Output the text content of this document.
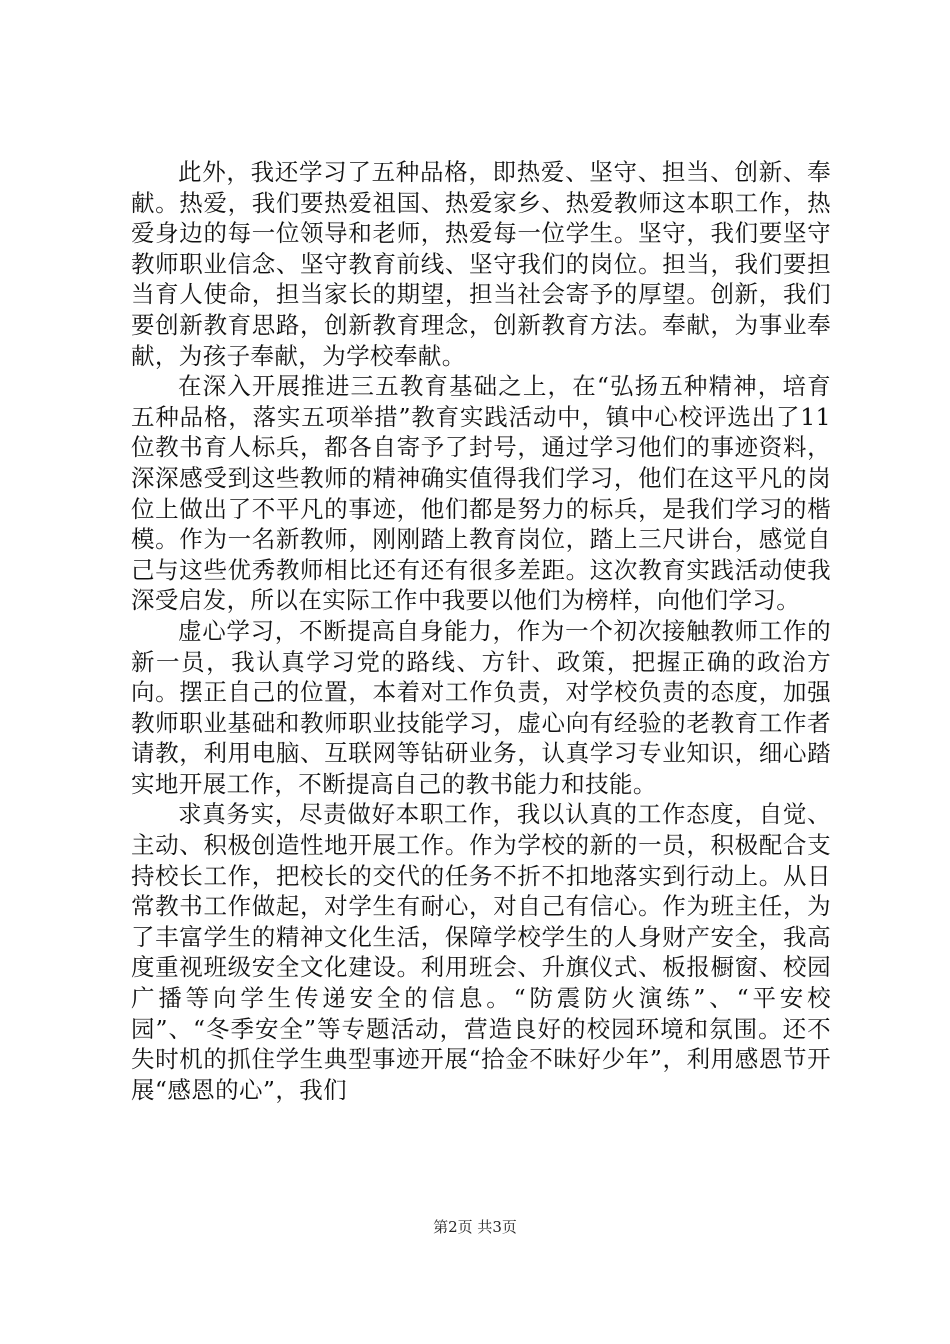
此外，我还学习了五种品格，即热爱、坚守、担当、创新、奉献。热爱，我们要热爱祖国、热爱家乡、热爱教师这本职工作，热爱身边的每一位领导和老师，热爱每一位学生。坚守，我们要坚守教师职业信念、坚守教育前线、坚守我们的岗位。担当，我们要担当育人使命，担当家长的期望，担当社会寄予的厚望。创新，我们要创新教育思路，创新教育理念，创新教育方法。奉献，为事业奉献，为孩子奉献，为学校奉献。

在深入开展推进三五教育基础之上，在“弘扬五种精神，培育五种品格，落实五项举措”教育实践活动中，镇中心校评选出了11位教书育人标兵，都各自寄予了封号，通过学习他们的事迹资料，深深感受到这些教师的精神确实值得我们学习，他们在这平凡的岗位上做出了不平凡的事迹，他们都是努力的标兵，是我们学习的楷模。作为一名新教师，刚刚踏上教育岗位，踏上三尺讲台，感觉自己与这些优秀教师相比还有还有很多差距。这次教育实践活动使我深受启发，所以在实际工作中我要以他们为榜样，向他们学习。

虚心学习，不断提高自身能力，作为一个初次接触教师工作的新一员，我认真学习党的路线、方针、政策，把握正确的政治方向。摆正自己的位置，本着对工作负责，对学校负责的态度，加强教师职业基础和教师职业技能学习，虚心向有经验的老教育工作者请教，利用电脑、互联网等钻研业务，认真学习专业知识，细心踏实地开展工作，不断提高自己的教书能力和技能。

求真务实，尽责做好本职工作，我以认真的工作态度，自觉、主动、积极创造性地开展工作。作为学校的新的一员，积极配合支持校长工作，把校长的交代的任务不折不扣地落实到行动上。从日常教书工作做起，对学生有耐心，对自己有信心。作为班主任，为了丰富学生的精神文化生活，保障学校学生的人身财产安全，我高度重视班级安全文化建设。利用班会、升旗仪式、板报橱窗、校园广播等向学生传递安全的信息。“防震防火演练”、“平安校园”、“冬季安全”等专题活动，营造良好的校园环境和氛围。还不失时机的抓住学生典型事迹开展“拾金不昧好少年”，利用感恩节开展“感恩的心”，我们

第2页 共3页
